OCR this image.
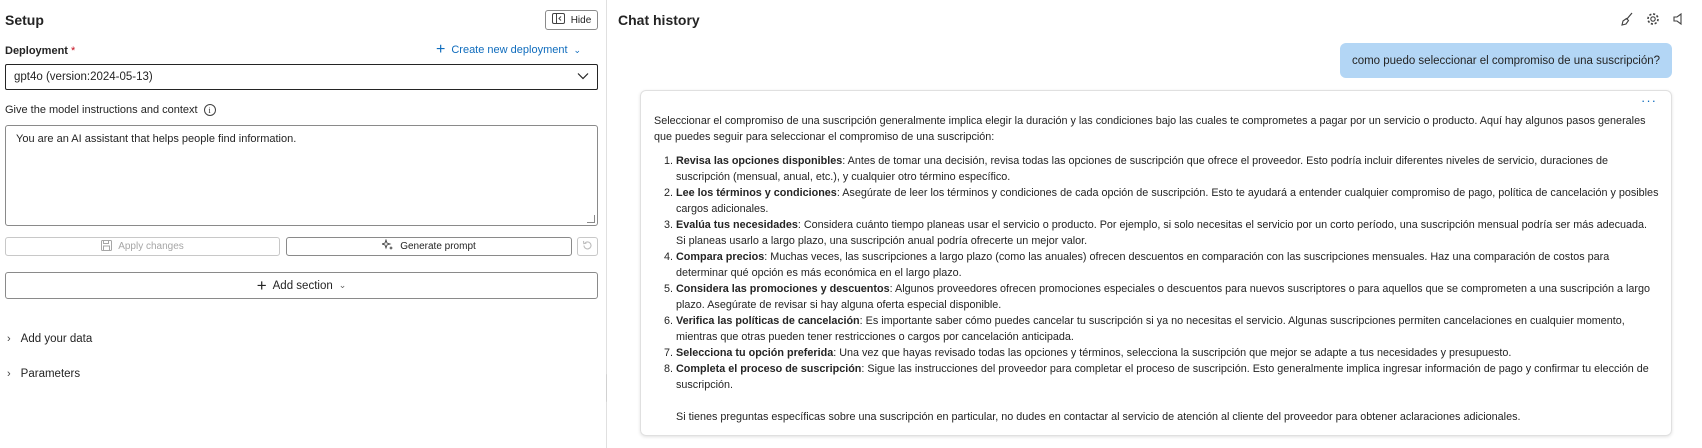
Setup	Hide
Deployment *	+ Create new deployment ⌄
gpt4o (version:2024-05-13)
Give the model instructions and context	i
You are an AI assistant that helps people find information.
Apply changes	Generate prompt
+ Add section ⌄
› Add your data
› Parameters
Chat history
como puedo seleccionar el compromiso de una suscripción?
···

Seleccionar el compromiso de una suscripción generalmente implica elegir la duración y las condiciones bajo las cuales te comprometes a pagar por un servicio o producto. Aquí hay algunos pasos generales que puedes seguir para seleccionar el compromiso de una suscripción:

1. Revisa las opciones disponibles: Antes de tomar una decisión, revisa todas las opciones de suscripción que ofrece el proveedor. Esto podría incluir diferentes niveles de servicio, duraciones de suscripción (mensual, anual, etc.), y cualquier otro término específico.
2. Lee los términos y condiciones: Asegúrate de leer los términos y condiciones de cada opción de suscripción. Esto te ayudará a entender cualquier compromiso de pago, política de cancelación y posibles cargos adicionales.
3. Evalúa tus necesidades: Considera cuánto tiempo planeas usar el servicio o producto. Por ejemplo, si solo necesitas el servicio por un corto período, una suscripción mensual podría ser más adecuada. Si planeas usarlo a largo plazo, una suscripción anual podría ofrecerte un mejor valor.
4. Compara precios: Muchas veces, las suscripciones a largo plazo (como las anuales) ofrecen descuentos en comparación con las suscripciones mensuales. Haz una comparación de costos para determinar qué opción es más económica en el largo plazo.
5. Considera las promociones y descuentos: Algunos proveedores ofrecen promociones especiales o descuentos para nuevos suscriptores o para aquellos que se comprometen a una suscripción a largo plazo. Asegúrate de revisar si hay alguna oferta especial disponible.
6. Verifica las políticas de cancelación: Es importante saber cómo puedes cancelar tu suscripción si ya no necesitas el servicio. Algunas suscripciones permiten cancelaciones en cualquier momento, mientras que otras pueden tener restricciones o cargos por cancelación anticipada.
7. Selecciona tu opción preferida: Una vez que hayas revisado todas las opciones y términos, selecciona la suscripción que mejor se adapte a tus necesidades y presupuesto.
8. Completa el proceso de suscripción: Sigue las instrucciones del proveedor para completar el proceso de suscripción. Esto generalmente implica ingresar información de pago y confirmar tu elección de suscripción.

Si tienes preguntas específicas sobre una suscripción en particular, no dudes en contactar al servicio de atención al cliente del proveedor para obtener aclaraciones adicionales.
